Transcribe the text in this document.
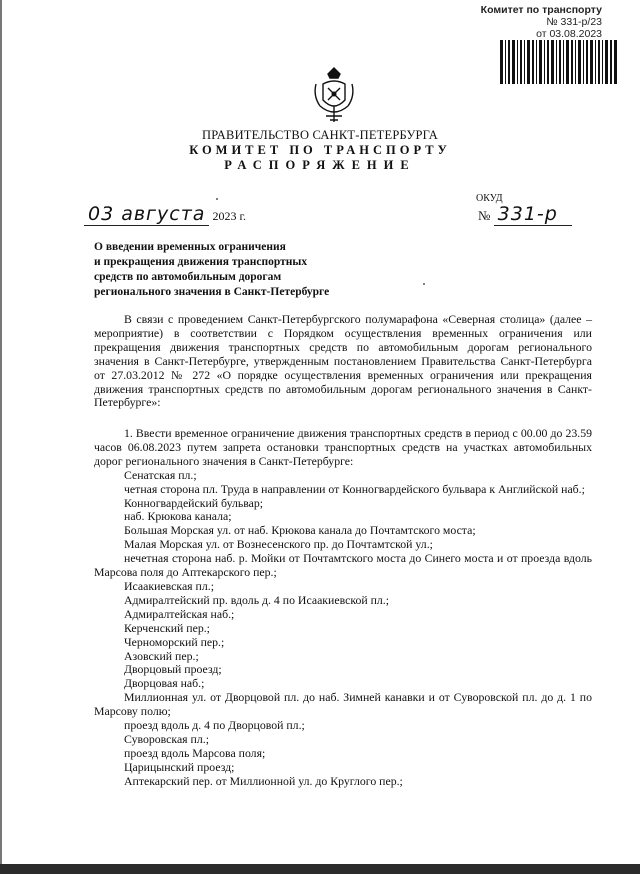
Комитет по транспорту
№ 331-р/23
от 03.08.2023
ПРАВИТЕЛЬСТВО САНКТ-ПЕТЕРБУРГА
КОМИТЕТ ПО ТРАНСПОРТУ
РАСПОРЯЖЕНИЕ
ОКУД
03 августа 2023 г.	№ 331-р
О введении временных ограничения
и прекращения движения транспортных
средств по автомобильным дорогам
регионального значения в Санкт-Петербурге
В связи с проведением Санкт-Петербургского полумарафона «Северная столица» (далее – мероприятие) в соответствии с Порядком осуществления временных ограничения или прекращения движения транспортных средств по автомобильным дорогам регионального значения в Санкт-Петербурге, утвержденным постановлением Правительства Санкт-Петербурга от 27.03.2012 № 272 «О порядке осуществления временных ограничения или прекращения движения транспортных средств по автомобильным дорогам регионального значения в Санкт-Петербурге»:
1. Ввести временное ограничение движения транспортных средств в период с 00.00 до 23.59 часов 06.08.2023 путем запрета остановки транспортных средств на участках автомобильных дорог регионального значения в Санкт-Петербурге:
Сенатская пл.;
четная сторона пл. Труда в направлении от Конногвардейского бульвара к Английской наб.;
Конногвардейский бульвар;
наб. Крюкова канала;
Большая Морская ул. от наб. Крюкова канала до Почтамтского моста;
Малая Морская ул. от Вознесенского пр. до Почтамтской ул.;
нечетная сторона наб. р. Мойки от Почтамтского моста до Синего моста и от проезда вдоль Марсова поля до Аптекарского пер.;
Исаакиевская пл.;
Адмиралтейский пр. вдоль д. 4 по Исаакиевской пл.;
Адмиралтейская наб.;
Керченский пер.;
Черноморский пер.;
Азовский пер.;
Дворцовый проезд;
Дворцовая наб.;
Миллионная ул. от Дворцовой пл. до наб. Зимней канавки и от Суворовской пл. до д. 1 по Марсову полю;
проезд вдоль д. 4 по Дворцовой пл.;
Суворовская пл.;
проезд вдоль Марсова поля;
Царицынский проезд;
Аптекарский пер. от Миллионной ул. до Круглого пер.;
